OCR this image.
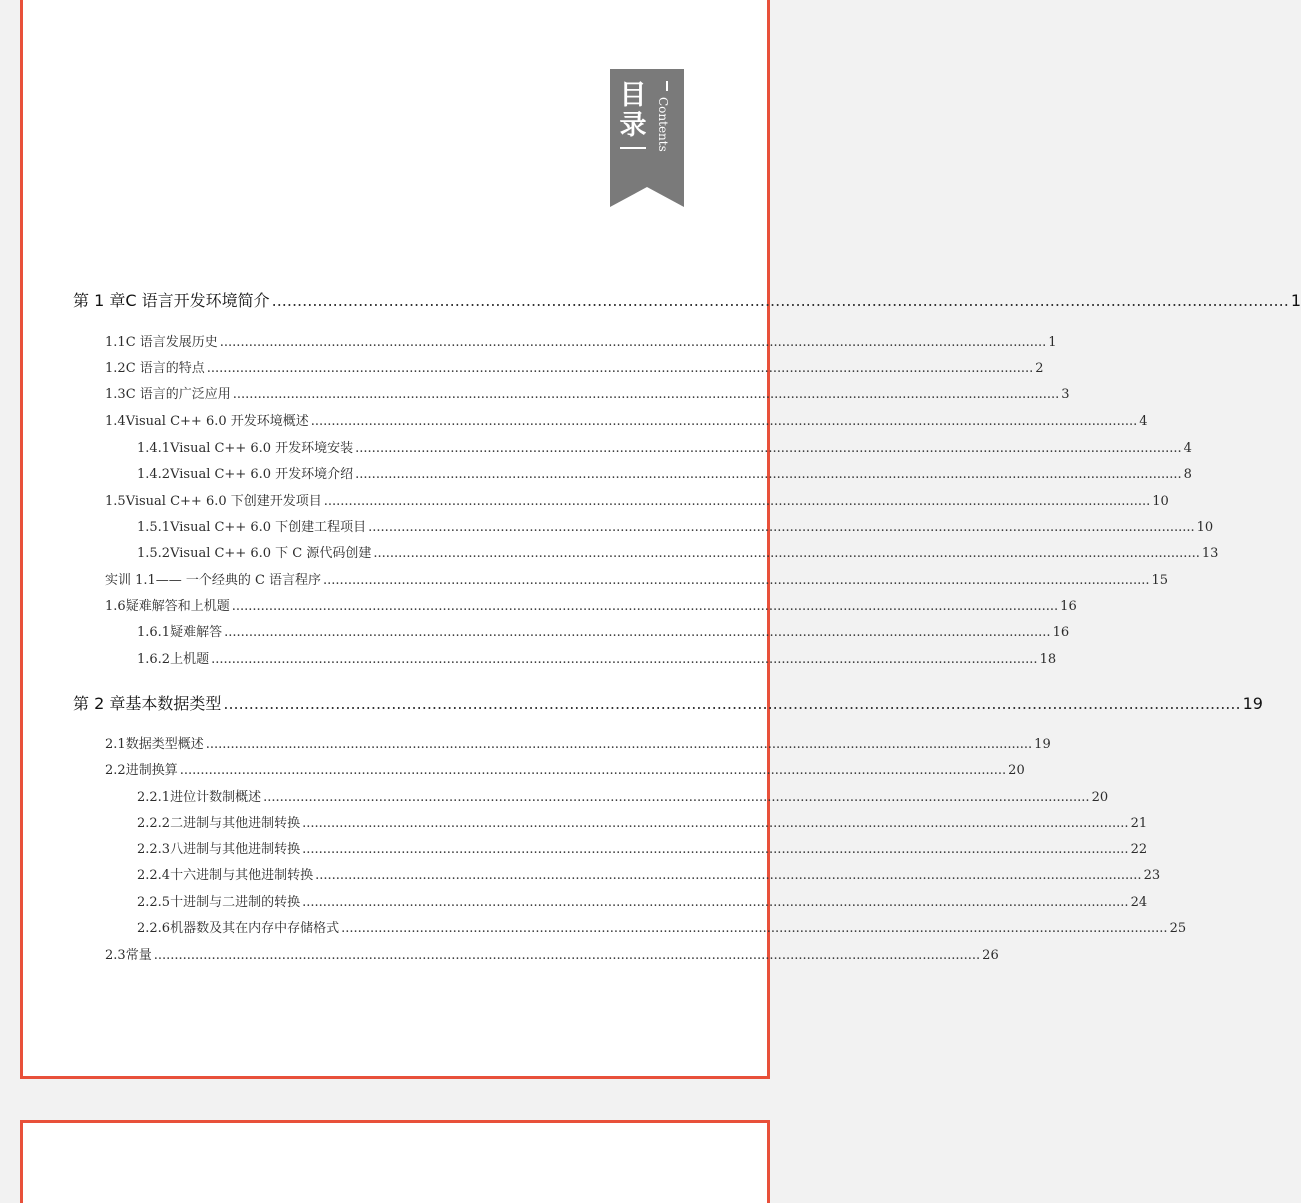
目
录 Contents
第 1 章 C 语言开发环境简介 ........................................................................................................................................................................................................ 1
1.1 C 语言发展历史 ........................................................................................................................................................................................................ 1
1.2 C 语言的特点 ........................................................................................................................................................................................................ 2
1.3 C 语言的广泛应用 ........................................................................................................................................................................................................ 3
1.4 Visual C++ 6.0 开发环境概述 ........................................................................................................................................................................................................ 4
1.4.1 Visual C++ 6.0 开发环境安装 ........................................................................................................................................................................................................ 4
1.4.2 Visual C++ 6.0 开发环境介绍 ........................................................................................................................................................................................................ 8
1.5 Visual C++ 6.0 下创建开发项目 ........................................................................................................................................................................................................ 10
1.5.1 Visual C++ 6.0 下创建工程项目 ........................................................................................................................................................................................................ 10
1.5.2 Visual C++ 6.0 下 C 源代码创建 ........................................................................................................................................................................................................ 13
实训 1.1—— 一个经典的 C 语言程序 ........................................................................................................................................................................................................ 15
1.6 疑难解答和上机题 ........................................................................................................................................................................................................ 16
1.6.1 疑难解答 ........................................................................................................................................................................................................ 16
1.6.2 上机题 ........................................................................................................................................................................................................ 18
第 2 章 基本数据类型 ........................................................................................................................................................................................................ 19
2.1 数据类型概述 ........................................................................................................................................................................................................ 19
2.2 进制换算 ........................................................................................................................................................................................................ 20
2.2.1 进位计数制概述 ........................................................................................................................................................................................................ 20
2.2.2 二进制与其他进制转换 ........................................................................................................................................................................................................ 21
2.2.3 八进制与其他进制转换 ........................................................................................................................................................................................................ 22
2.2.4 十六进制与其他进制转换 ........................................................................................................................................................................................................ 23
2.2.5 十进制与二进制的转换 ........................................................................................................................................................................................................ 24
2.2.6 机器数及其在内存中存储格式 ........................................................................................................................................................................................................ 25
2.3 常量 ........................................................................................................................................................................................................ 26
